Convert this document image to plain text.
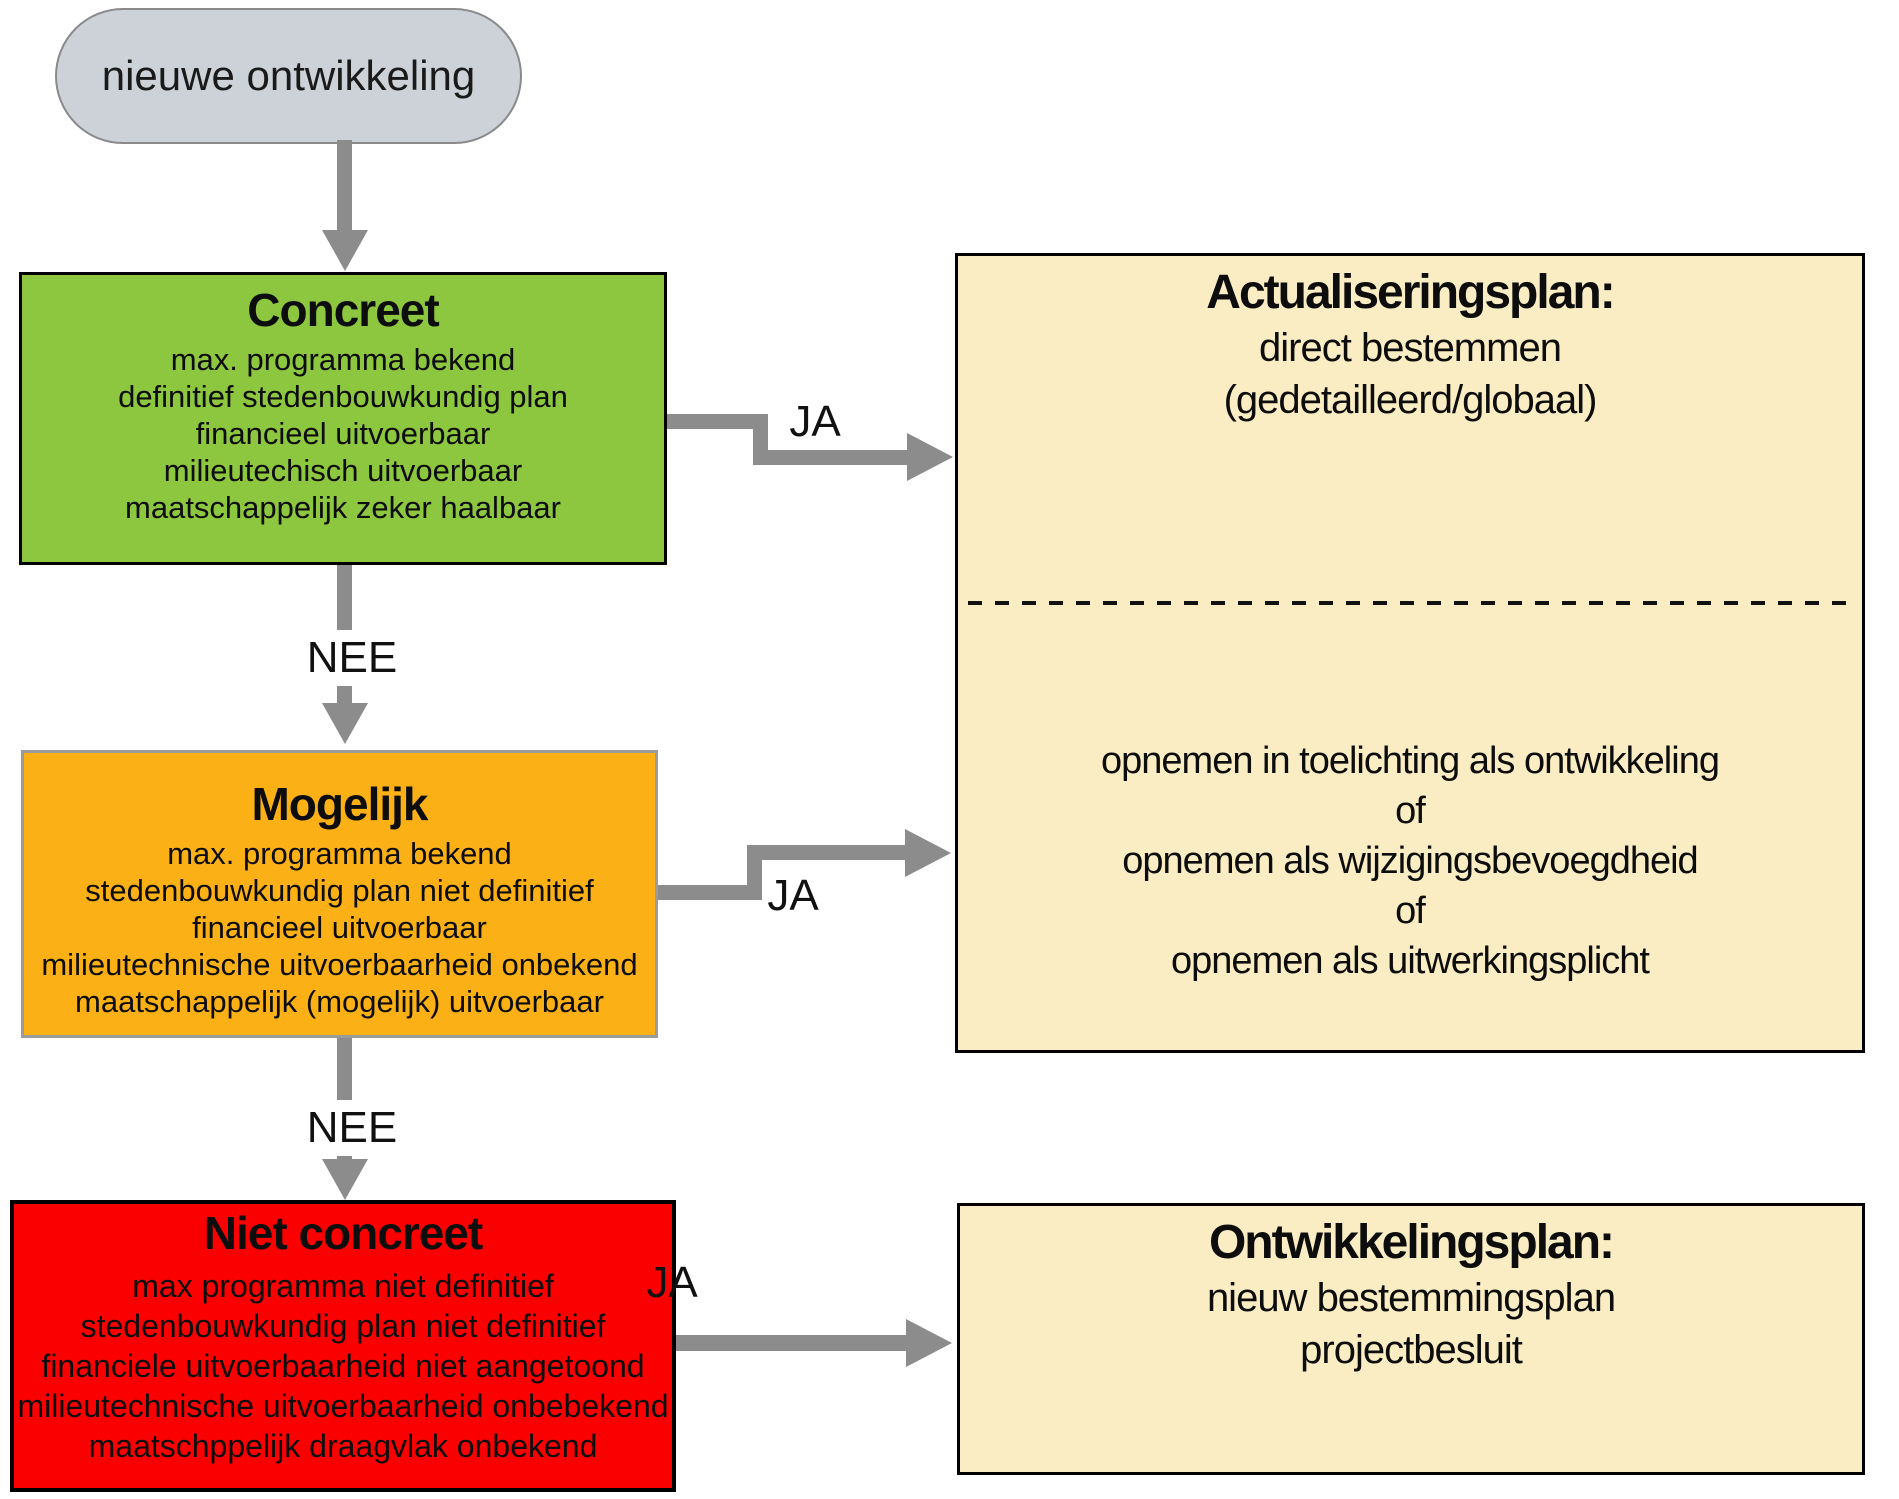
nieuwe ontwikkeling
Concreet
max. programma bekend
definitief stedenbouwkundig plan
financieel uitvoerbaar
milieutechisch uitvoerbaar
maatschappelijk zeker haalbaar
NEE
JA
Mogelijk
max. programma bekend
stedenbouwkundig plan niet definitief
financieel uitvoerbaar
milieutechnische uitvoerbaarheid onbekend
maatschappelijk (mogelijk) uitvoerbaar
NEE
JA
Niet concreet
max programma niet definitief
stedenbouwkundig plan niet definitief
financiele uitvoerbaarheid niet aangetoond
milieutechnische uitvoerbaarheid onbebekend
maatschppelijk draagvlak onbekend
JA
Actualiseringsplan:
direct bestemmen
(gedetailleerd/globaal)
opnemen in toelichting als ontwikkeling
of
opnemen als wijzigingsbevoegdheid
of
opnemen als uitwerkingsplicht
Ontwikkelingsplan:
nieuw bestemmingsplan
projectbesluit
